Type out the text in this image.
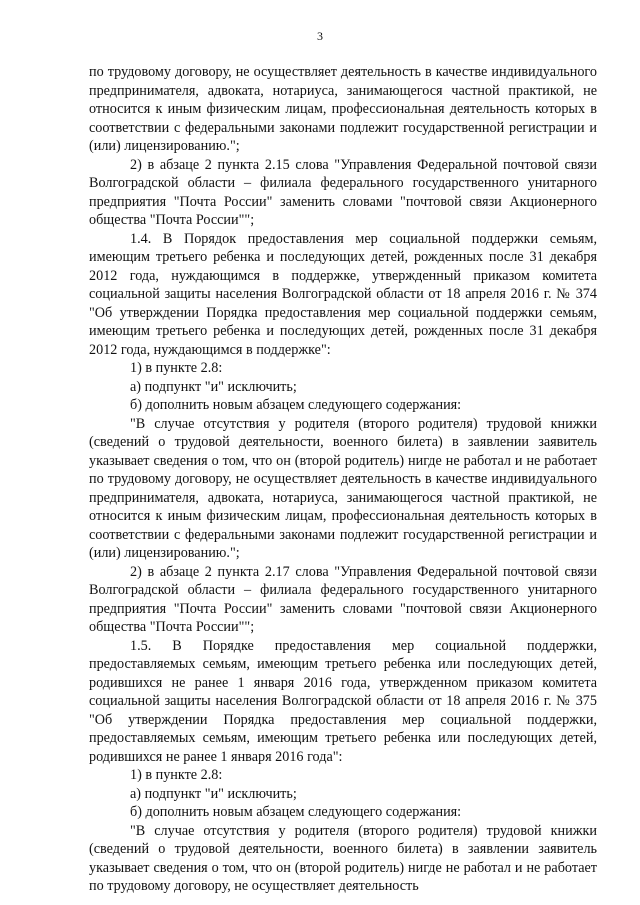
3

по трудовому договору, не осуществляет деятельность в качестве индивидуального предпринимателя, адвоката, нотариуса, занимающегося частной практикой, не относится к иным физическим лицам, профессиональная деятельность которых в соответствии с федеральными законами подлежит государственной регистрации и (или) лицензированию.";

2) в абзаце 2 пункта 2.15 слова "Управления Федеральной почтовой связи Волгоградской области – филиала федерального государственного унитарного предприятия "Почта России" заменить словами "почтовой связи Акционерного общества "Почта России"";

1.4. В Порядок предоставления мер социальной поддержки семьям, имеющим третьего ребенка и последующих детей, рожденных после 31 декабря 2012 года, нуждающимся в поддержке, утвержденный приказом комитета социальной защиты населения Волгоградской области от 18 апреля 2016 г. № 374 "Об утверждении Порядка предоставления мер социальной поддержки семьям, имеющим третьего ребенка и последующих детей, рожденных после 31 декабря 2012 года, нуждающимся в поддержке":

1) в пункте 2.8:

а) подпункт "и" исключить;

б) дополнить новым абзацем следующего содержания:

"В случае отсутствия у родителя (второго родителя) трудовой книжки (сведений о трудовой деятельности, военного билета) в заявлении заявитель указывает сведения о том, что он (второй родитель) нигде не работал и не работает по трудовому договору, не осуществляет деятельность в качестве индивидуального предпринимателя, адвоката, нотариуса, занимающегося частной практикой, не относится к иным физическим лицам, профессиональная деятельность которых в соответствии с федеральными законами подлежит государственной регистрации и (или) лицензированию.";

2) в абзаце 2 пункта 2.17 слова "Управления Федеральной почтовой связи Волгоградской области – филиала федерального государственного унитарного предприятия "Почта России" заменить словами "почтовой связи Акционерного общества "Почта России"";

1.5. В Порядке предоставления мер социальной поддержки, предоставляемых семьям, имеющим третьего ребенка или последующих детей, родившихся не ранее 1 января 2016 года, утвержденном приказом комитета социальной защиты населения Волгоградской области от 18 апреля 2016 г. № 375 "Об утверждении Порядка предоставления мер социальной поддержки, предоставляемых семьям, имеющим третьего ребенка или последующих детей, родившихся не ранее 1 января 2016 года":

1) в пункте 2.8:

а) подпункт "и" исключить;

б) дополнить новым абзацем следующего содержания:

"В случае отсутствия у родителя (второго родителя) трудовой книжки (сведений о трудовой деятельности, военного билета) в заявлении заявитель указывает сведения о том, что он (второй родитель) нигде не работал и не работает по трудовому договору, не осуществляет деятельность
